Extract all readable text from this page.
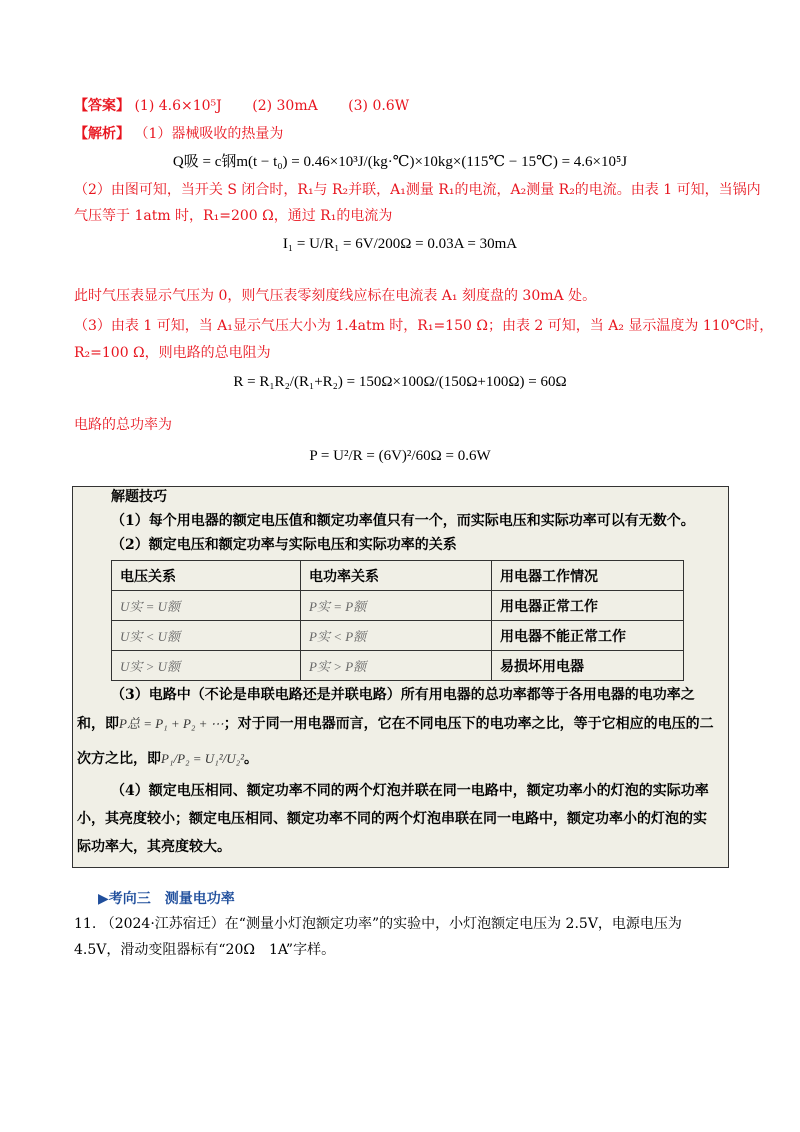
【答案】 (1) 4.6×10⁵J (2) 30mA (3) 0.6W
【解析】 （1）器械吸收的热量为
Q吸 = c钢m(t − t₀) = 0.46×10³J/(kg·℃)×10kg×(115℃ − 15℃) = 4.6×10⁵J
（2）由图可知，当开关 S 闭合时，R₁与 R₂并联，A₁测量 R₁的电流，A₂测量 R₂的电流。由表 1 可知，当锅内
气压等于 1atm 时，R₁=200 Ω，通过 R₁的电流为
I₁ = U/R₁ = 6V/200Ω = 0.03A = 30mA
此时气压表显示气压为 0，则气压表零刻度线应标在电流表 A₁ 刻度盘的 30mA 处。
（3）由表 1 可知，当 A₁显示气压大小为 1.4atm 时，R₁=150 Ω；由表 2 可知，当 A₂ 显示温度为 110℃时，
R₂=100 Ω，则电路的总电阻为
R = R₁R₂/(R₁+R₂) = 150Ω×100Ω/(150Ω+100Ω) = 60Ω
电路的总功率为
P = U²/R = (6V)²/60Ω = 0.6W
解题技巧
（1）每个用电器的额定电压值和额定功率值只有一个，而实际电压和实际功率可以有无数个。
（2）额定电压和额定功率与实际电压和实际功率的关系
电压关系	电功率关系	用电器工作情况
U实 = U额	P实 = P额	用电器正常工作
U实 < U额	P实 < P额	用电器不能正常工作
U实 > U额	P实 > P额	易损坏用电器
（3）电路中（不论是串联电路还是并联电路）所有用电器的总功率都等于各用电器的电功率之
和，即P总 = P₁ + P₂ + ⋯；对于同一用电器而言，它在不同电压下的电功率之比，等于它相应的电压的二
次方之比，即P₁/P₂ = U₁²/U₂²。
（4）额定电压相同、额定功率不同的两个灯泡并联在同一电路中，额定功率小的灯泡的实际功率
小，其亮度较小；额定电压相同、额定功率不同的两个灯泡串联在同一电路中，额定功率小的灯泡的实
际功率大，其亮度较大。
▶考向三　测量电功率
11. （2024·江苏宿迁）在“测量小灯泡额定功率”的实验中，小灯泡额定电压为 2.5V，电源电压为
4.5V，滑动变阻器标有“20Ω　1A”字样。
